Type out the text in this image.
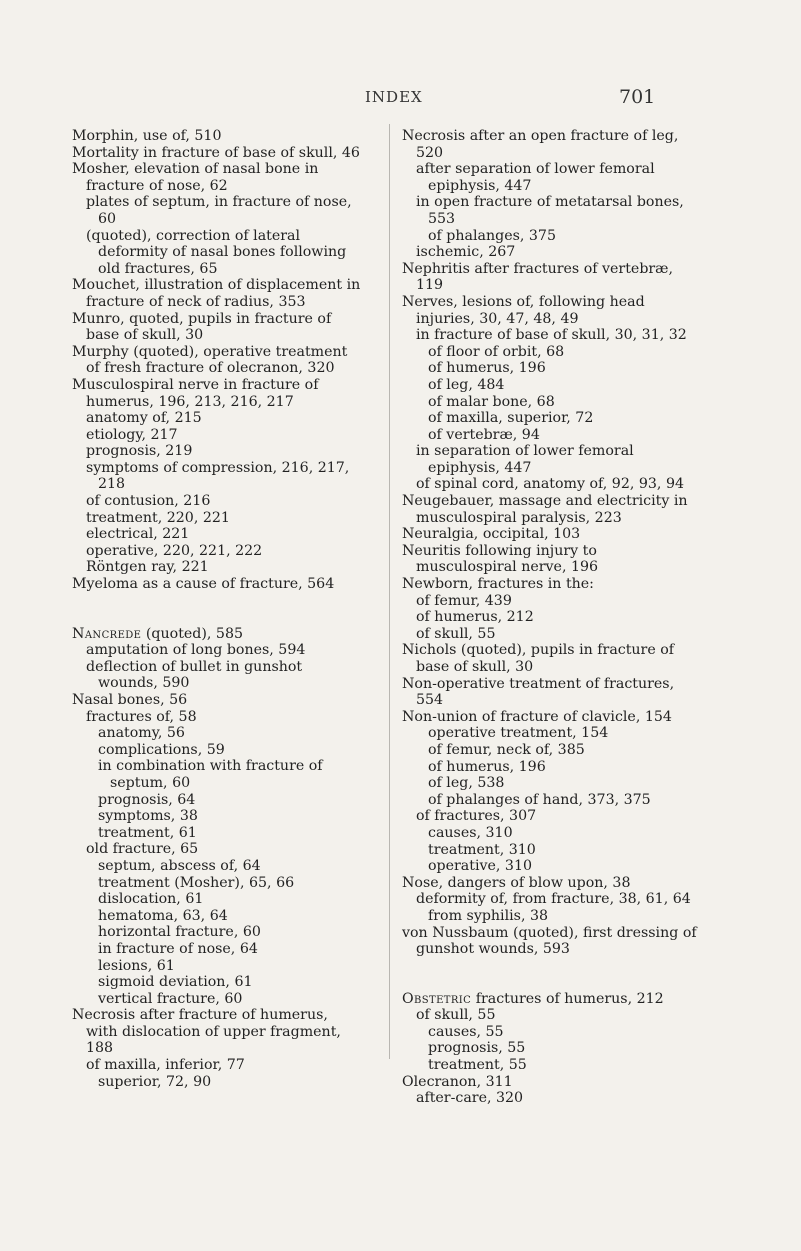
INDEX	701

Morphin, use of, 510

Mortality in fracture of base of skull, 46

Mosher, elevation of nasal bone in fracture of nose, 62

plates of septum, in fracture of nose, 60

(quoted), correction of lateral deformity of nasal bones following old fractures, 65

Mouchet, illustration of displacement in fracture of neck of radius, 353

Munro, quoted, pupils in fracture of base of skull, 30

Murphy (quoted), operative treatment of fresh fracture of olecranon, 320

Musculospiral nerve in fracture of humerus, 196, 213, 216, 217

anatomy of, 215

etiology, 217

prognosis, 219

symptoms of compression, 216, 217, 218

of contusion, 216

treatment, 220, 221

electrical, 221

operative, 220, 221, 222

Röntgen ray, 221

Myeloma as a cause of fracture, 564

Nancrede (quoted), 585

amputation of long bones, 594

deflection of bullet in gunshot wounds, 590

Nasal bones, 56

fractures of, 58

anatomy, 56

complications, 59

in combination with fracture of septum, 60

prognosis, 64

symptoms, 38

treatment, 61

old fracture, 65

septum, abscess of, 64

treatment (Mosher), 65, 66

dislocation, 61

hematoma, 63, 64

horizontal fracture, 60

in fracture of nose, 64

lesions, 61

sigmoid deviation, 61

vertical fracture, 60

Necrosis after fracture of humerus, with dislocation of upper fragment, 188

of maxilla, inferior, 77

superior, 72, 90

Necrosis after an open fracture of leg, 520

after separation of lower femoral epiphysis, 447

in open fracture of metatarsal bones, 553

of phalanges, 375

ischemic, 267

Nephritis after fractures of vertebræ, 119

Nerves, lesions of, following head injuries, 30, 47, 48, 49

in fracture of base of skull, 30, 31, 32

of floor of orbit, 68

of humerus, 196

of leg, 484

of malar bone, 68

of maxilla, superior, 72

of vertebræ, 94

in separation of lower femoral epiphysis, 447

of spinal cord, anatomy of, 92, 93, 94

Neugebauer, massage and electricity in musculospiral paralysis, 223

Neuralgia, occipital, 103

Neuritis following injury to musculospiral nerve, 196

Newborn, fractures in the:

of femur, 439

of humerus, 212

of skull, 55

Nichols (quoted), pupils in fracture of base of skull, 30

Non-operative treatment of fractures, 554

Non-union of fracture of clavicle, 154

operative treatment, 154

of femur, neck of, 385

of humerus, 196

of leg, 538

of phalanges of hand, 373, 375

of fractures, 307

causes, 310

treatment, 310

operative, 310

Nose, dangers of blow upon, 38

deformity of, from fracture, 38, 61, 64

from syphilis, 38

von Nussbaum (quoted), first dressing of gunshot wounds, 593

Obstetric fractures of humerus, 212

of skull, 55

causes, 55

prognosis, 55

treatment, 55

Olecranon, 311

after-care, 320
